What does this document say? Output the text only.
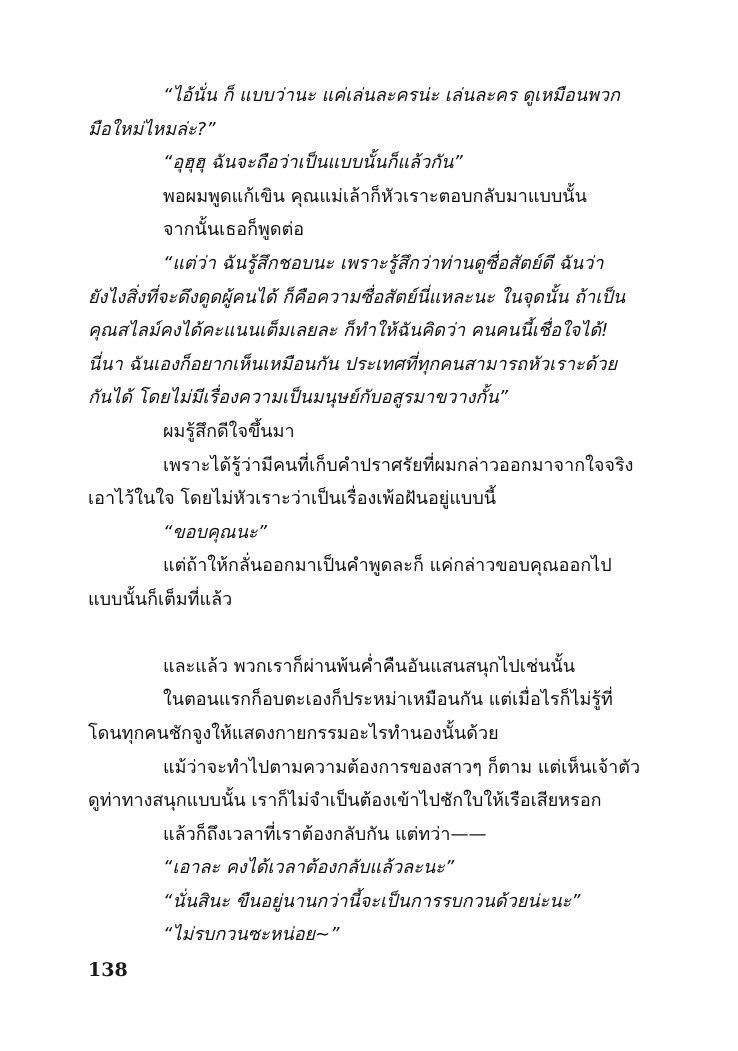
“ไอ้นั่น ก็ แบบว่านะ แค่เล่นละครน่ะ เล่นละคร ดูเหมือนพวก
มือใหม่ไหมล่ะ?”
“อุฮุฮุ ฉันจะถือว่าเป็นแบบนั้นก็แล้วกัน”
พอผมพูดแก้เขิน คุณแม่เล้าก็หัวเราะตอบกลับมาแบบนั้น
จากนั้นเธอก็พูดต่อ
“แต่ว่า ฉันรู้สึกชอบนะ เพราะรู้สึกว่าท่านดูซื่อสัตย์ดี ฉันว่า
ยังไงสิ่งที่จะดึงดูดผู้คนได้ ก็คือความซื่อสัตย์นี่แหละนะ ในจุดนั้น ถ้าเป็น
คุณสไลม์คงได้คะแนนเต็มเลยละ ก็ทำให้ฉันคิดว่า คนคนนี้เชื่อใจได้!
นี่นา ฉันเองก็อยากเห็นเหมือนกัน ประเทศที่ทุกคนสามารถหัวเราะด้วย
กันได้ โดยไม่มีเรื่องความเป็นมนุษย์กับอสูรมาขวางกั้น”
ผมรู้สึกดีใจขึ้นมา
เพราะได้รู้ว่ามีคนที่เก็บคำปราศรัยที่ผมกล่าวออกมาจากใจจริง
เอาไว้ในใจ โดยไม่หัวเราะว่าเป็นเรื่องเพ้อฝันอยู่แบบนี้
“ขอบคุณนะ”
แต่ถ้าให้กลั่นออกมาเป็นคำพูดละก็ แค่กล่าวขอบคุณออกไป
แบบนั้นก็เต็มที่แล้ว
และแล้ว พวกเราก็ผ่านพ้นค่ำคืนอันแสนสนุกไปเช่นนั้น
ในตอนแรกก็อบตะเองก็ประหม่าเหมือนกัน แต่เมื่อไรก็ไม่รู้ที่
โดนทุกคนชักจูงให้แสดงกายกรรมอะไรทำนองนั้นด้วย
แม้ว่าจะทำไปตามความต้องการของสาวๆ ก็ตาม แต่เห็นเจ้าตัว
ดูท่าทางสนุกแบบนั้น เราก็ไม่จำเป็นต้องเข้าไปชักใบให้เรือเสียหรอก
แล้วก็ถึงเวลาที่เราต้องกลับกัน แต่ทว่า——
“เอาละ คงได้เวลาต้องกลับแล้วละนะ”
“นั่นสินะ ขืนอยู่นานกว่านี้จะเป็นการรบกวนด้วยน่ะนะ”
“ไม่รบกวนซะหน่อย~”
138
